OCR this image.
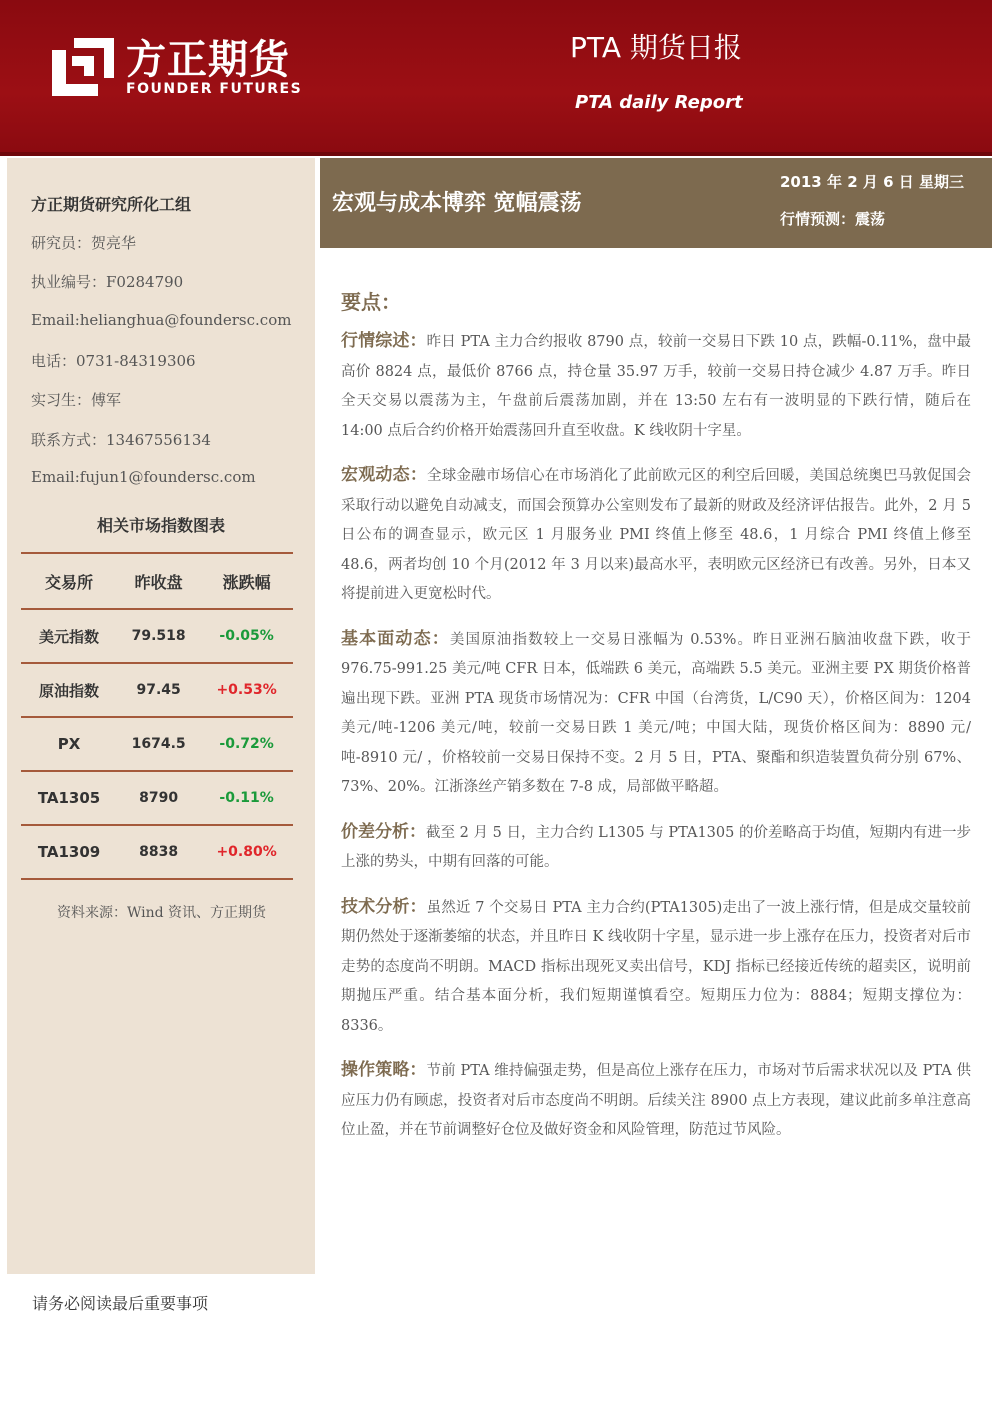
方正期货
FOUNDER FUTURES
PTA 期货日报
PTA daily Report
方正期货研究所化工组
研究员：贺亮华
执业编号：F0284790
Email:helianghua@foundersc.com
电话：0731-84319306
实习生：傅军
联系方式：13467556134
Email:fujun1@foundersc.com
相关市场指数图表
交易所	昨收盘	涨跌幅
美元指数	79.518	-0.05%
原油指数	97.45	+0.53%
PX	1674.5	-0.72%
TA1305	8790	-0.11%
TA1309	8838	+0.80%
资料来源：Wind 资讯、方正期货
宏观与成本博弈 宽幅震荡
2013 年 2 月 6 日 星期三
行情预测：震荡
要点：

行情综述：昨日 PTA 主力合约报收 8790 点，较前一交易日下跌 10 点，跌幅-0.11%，盘中最高价 8824 点，最低价 8766 点，持仓量 35.97 万手，较前一交易日持仓减少 4.87 万手。昨日全天交易以震荡为主，午盘前后震荡加剧，并在 13:50 左右有一波明显的下跌行情，随后在 14:00 点后合约价格开始震荡回升直至收盘。K 线收阴十字星。

宏观动态：全球金融市场信心在市场消化了此前欧元区的利空后回暖，美国总统奥巴马敦促国会采取行动以避免自动减支，而国会预算办公室则发布了最新的财政及经济评估报告。此外，2 月 5 日公布的调查显示，欧元区 1 月服务业 PMI 终值上修至 48.6，1 月综合 PMI 终值上修至 48.6，两者均创 10 个月(2012 年 3 月以来)最高水平，表明欧元区经济已有改善。另外，日本又将提前进入更宽松时代。

基本面动态：美国原油指数较上一交易日涨幅为 0.53%。昨日亚洲石脑油收盘下跌，收于 976.75-991.25 美元/吨 CFR 日本，低端跌 6 美元，高端跌 5.5 美元。亚洲主要 PX 期货价格普遍出现下跌。亚洲 PTA 现货市场情况为：CFR 中国（台湾货，L/C90 天），价格区间为：1204 美元/吨-1206 美元/吨，较前一交易日跌 1 美元/吨；中国大陆，现货价格区间为：8890 元/吨-8910 元/ ，价格较前一交易日保持不变。2 月 5 日，PTA、聚酯和织造装置负荷分别 67%、73%、20%。江浙涤丝产销多数在 7-8 成，局部做平略超。

价差分析：截至 2 月 5 日，主力合约 L1305 与 PTA1305 的价差略高于均值，短期内有进一步上涨的势头，中期有回落的可能。

技术分析：虽然近 7 个交易日 PTA 主力合约(PTA1305)走出了一波上涨行情，但是成交量较前期仍然处于逐渐萎缩的状态，并且昨日 K 线收阴十字星，显示进一步上涨存在压力，投资者对后市走势的态度尚不明朗。MACD 指标出现死叉卖出信号，KDJ 指标已经接近传统的超卖区，说明前期抛压严重。结合基本面分析，我们短期谨慎看空。短期压力位为：8884；短期支撑位为：8336。

操作策略：节前 PTA 维持偏强走势，但是高位上涨存在压力，市场对节后需求状况以及 PTA 供应压力仍有顾虑，投资者对后市态度尚不明朗。后续关注 8900 点上方表现，建议此前多单注意高位止盈，并在节前调整好仓位及做好资金和风险管理，防范过节风险。

请务必阅读最后重要事项
